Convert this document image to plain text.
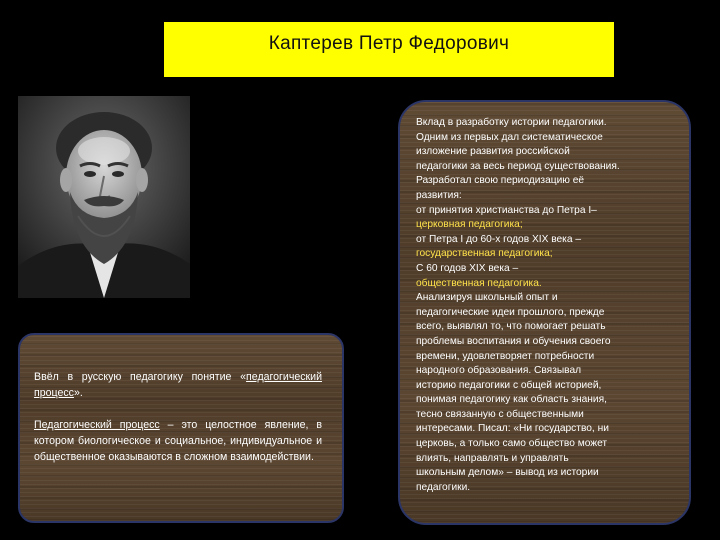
Каптерев Петр Федорович

Ввёл в русскую педагогику понятие «педагогический процесс».

Педагогический процесс – это целостное явление, в котором биологическое и социальное, индивидуальное и общественное оказываются в сложном взаимодействии.

Вклад в разработку истории педагогики.
Одним из первых дал систематическое
изложение развития российской
педагогики за весь период существования.
Разработал свою периодизацию её
развития:
от принятия христианства до Петра I–
церковная педагогика;
от Петра I до 60-х годов XIX века –
государственная педагогика;
С 60 годов XIX века –
общественная педагогика.
Анализируя школьный опыт и
педагогические идеи прошлого, прежде
всего, выявлял то, что помогает решать
проблемы воспитания и обучения своего
времени, удовлетворяет потребности
народного образования. Связывал
историю педагогики с общей историей,
понимая педагогику как область знания,
тесно связанную с общественными
интересами. Писал: «Ни государство, ни
церковь, а только само общество может
влиять, направлять и управлять
школьным делом» – вывод из истории
педагогики.
